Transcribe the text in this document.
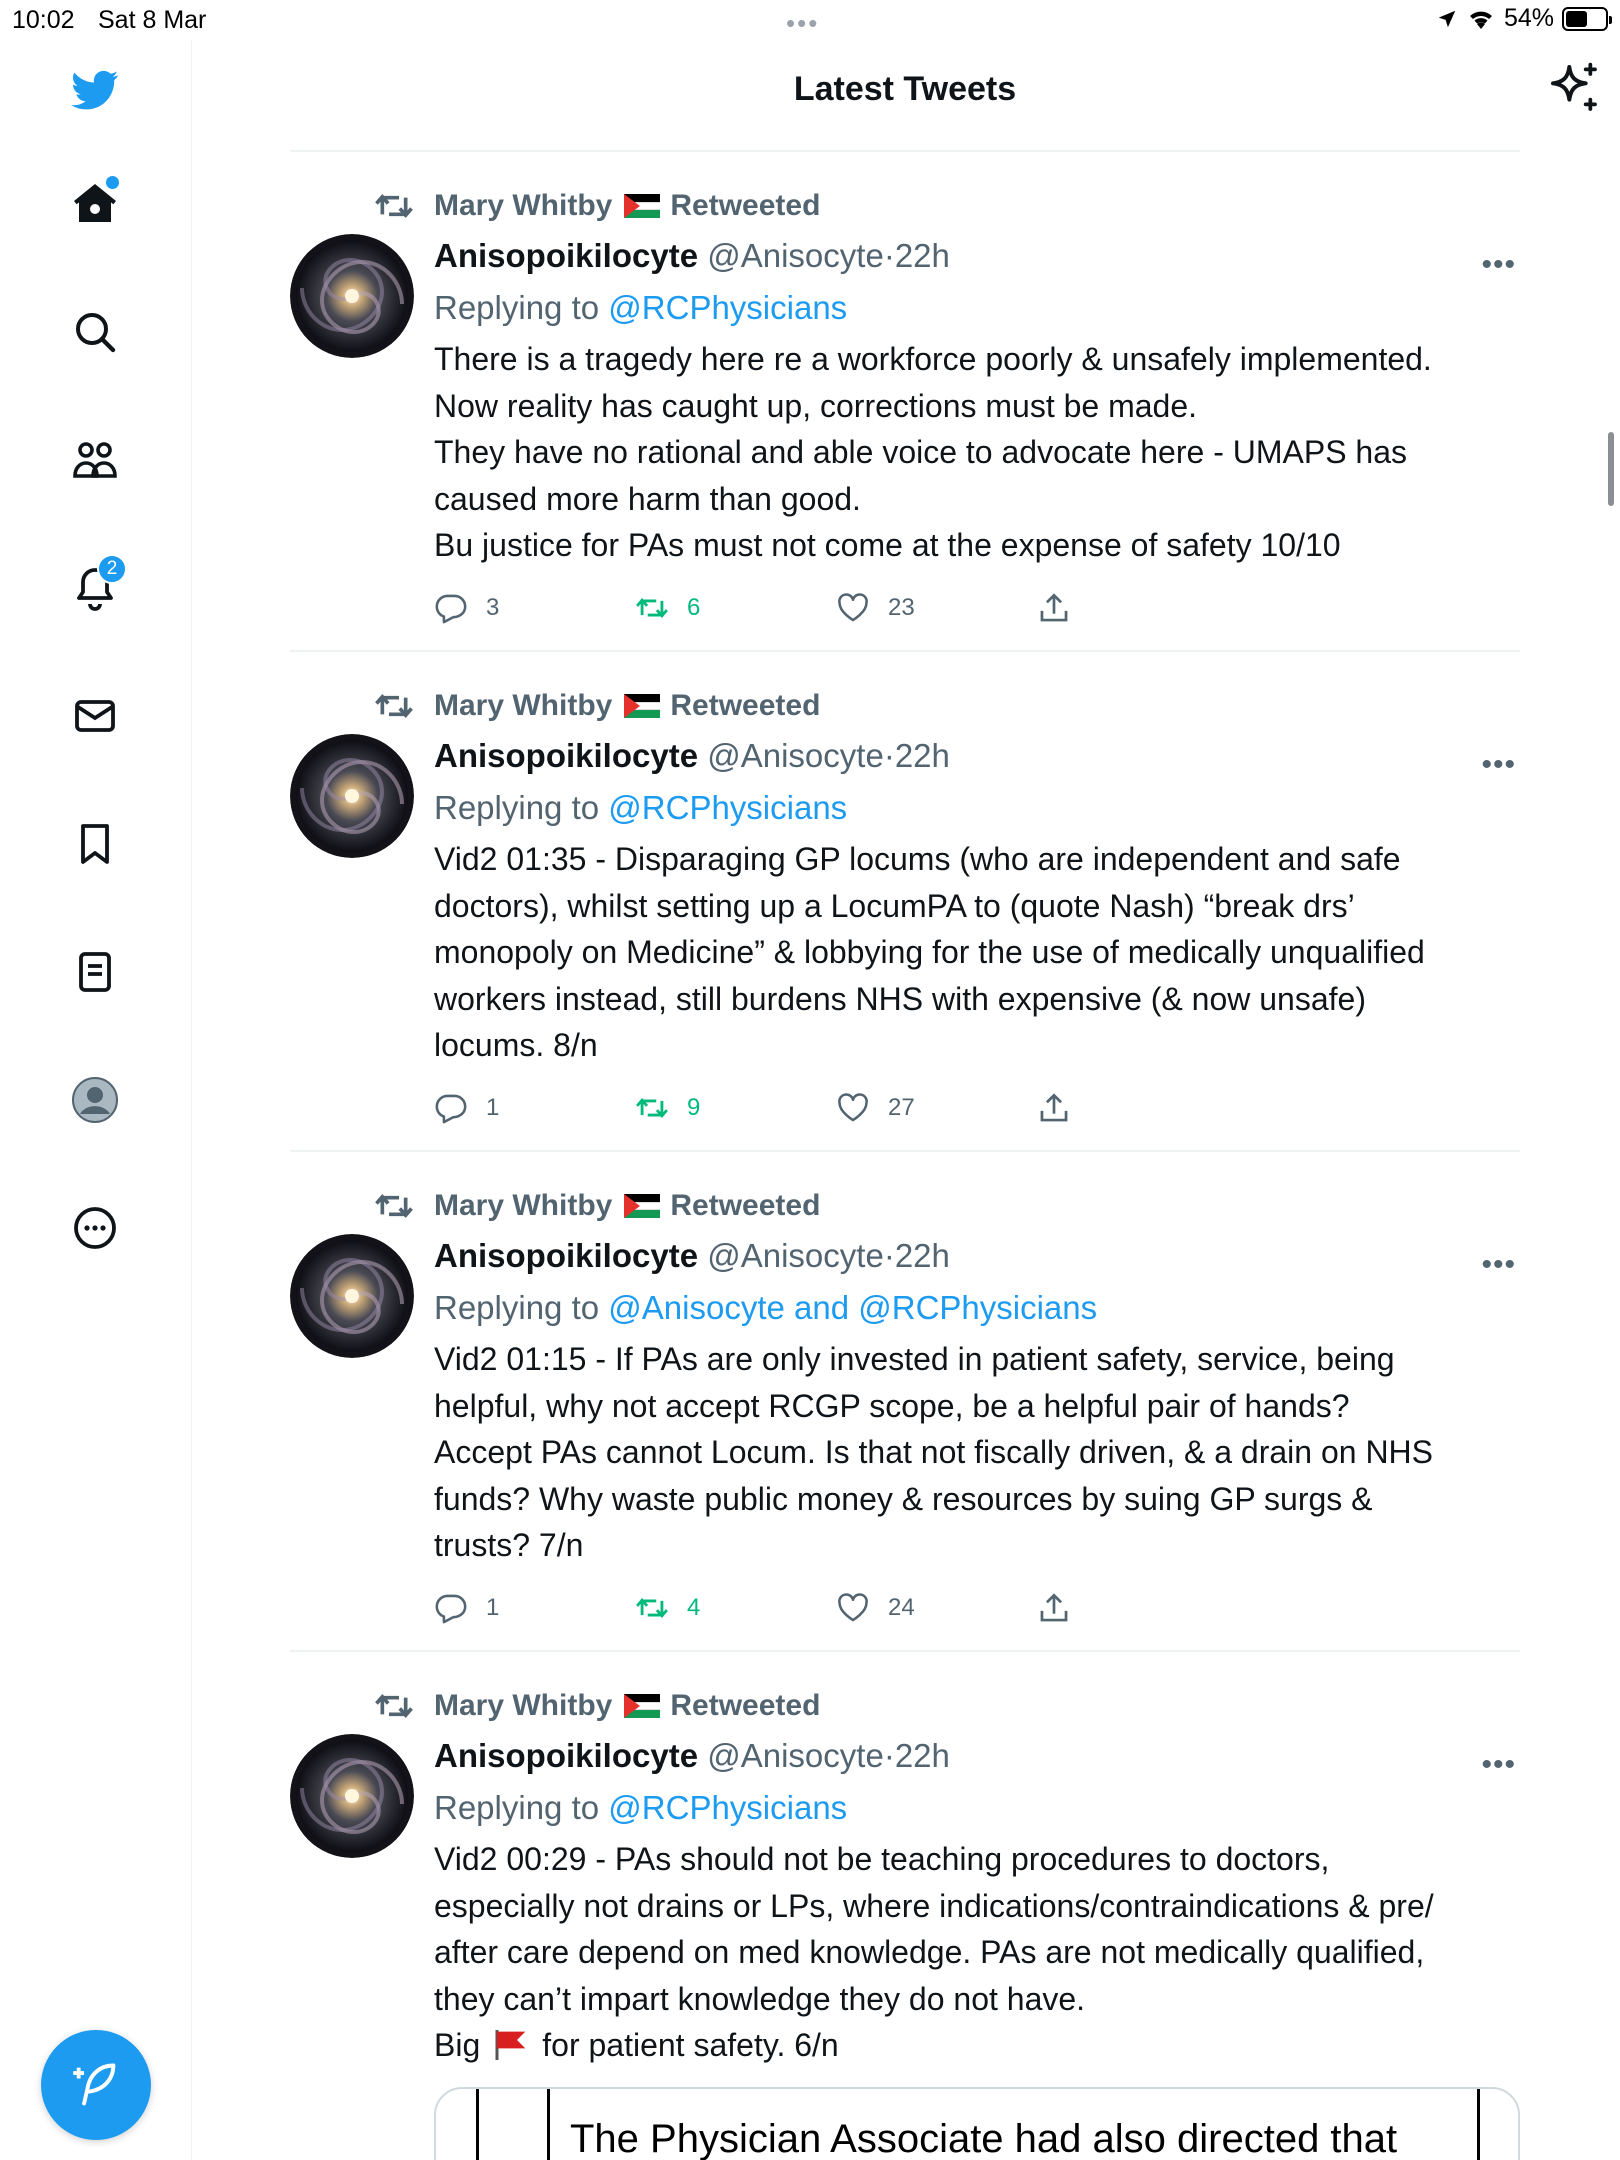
10:02 Sat 8 Mar	•••	54%
2
Latest Tweets
Mary Whitby Retweeted
Anisopoikilocyte @Anisocyte·22h	•••
Replying to @RCPhysicians

There is a tragedy here re a workforce poorly & unsafely implemented.

Now reality has caught up, corrections must be made.

They have no rational and able voice to advocate here - UMAPS has

caused more harm than good.

Bu justice for PAs must not come at the expense of safety 10/10

3	6	23
Mary Whitby Retweeted
Anisopoikilocyte @Anisocyte·22h	•••
Replying to @RCPhysicians

Vid2 01:35 - Disparaging GP locums (who are independent and safe

doctors), whilst setting up a LocumPA to (quote Nash) “break drs’

monopoly on Medicine” & lobbying for the use of medically unqualified

workers instead, still burdens NHS with expensive (& now unsafe)

locums. 8/n

1	9	27
Mary Whitby Retweeted
Anisopoikilocyte @Anisocyte·22h	•••
Replying to @Anisocyte and @RCPhysicians

Vid2 01:15 - If PAs are only invested in patient safety, service, being

helpful, why not accept RCGP scope, be a helpful pair of hands?

Accept PAs cannot Locum. Is that not fiscally driven, & a drain on NHS

funds? Why waste public money & resources by suing GP surgs &

trusts? 7/n

1	4	24
Mary Whitby Retweeted
Anisopoikilocyte @Anisocyte·22h	•••
Replying to @RCPhysicians

Vid2 00:29 - PAs should not be teaching procedures to doctors,

especially not drains or LPs, where indications/contraindications & pre/

after care depend on med knowledge. PAs are not medically qualified,

they can’t impart knowledge they do not have.

Big for patient safety. 6/n

The Physician Associate had also directed that
